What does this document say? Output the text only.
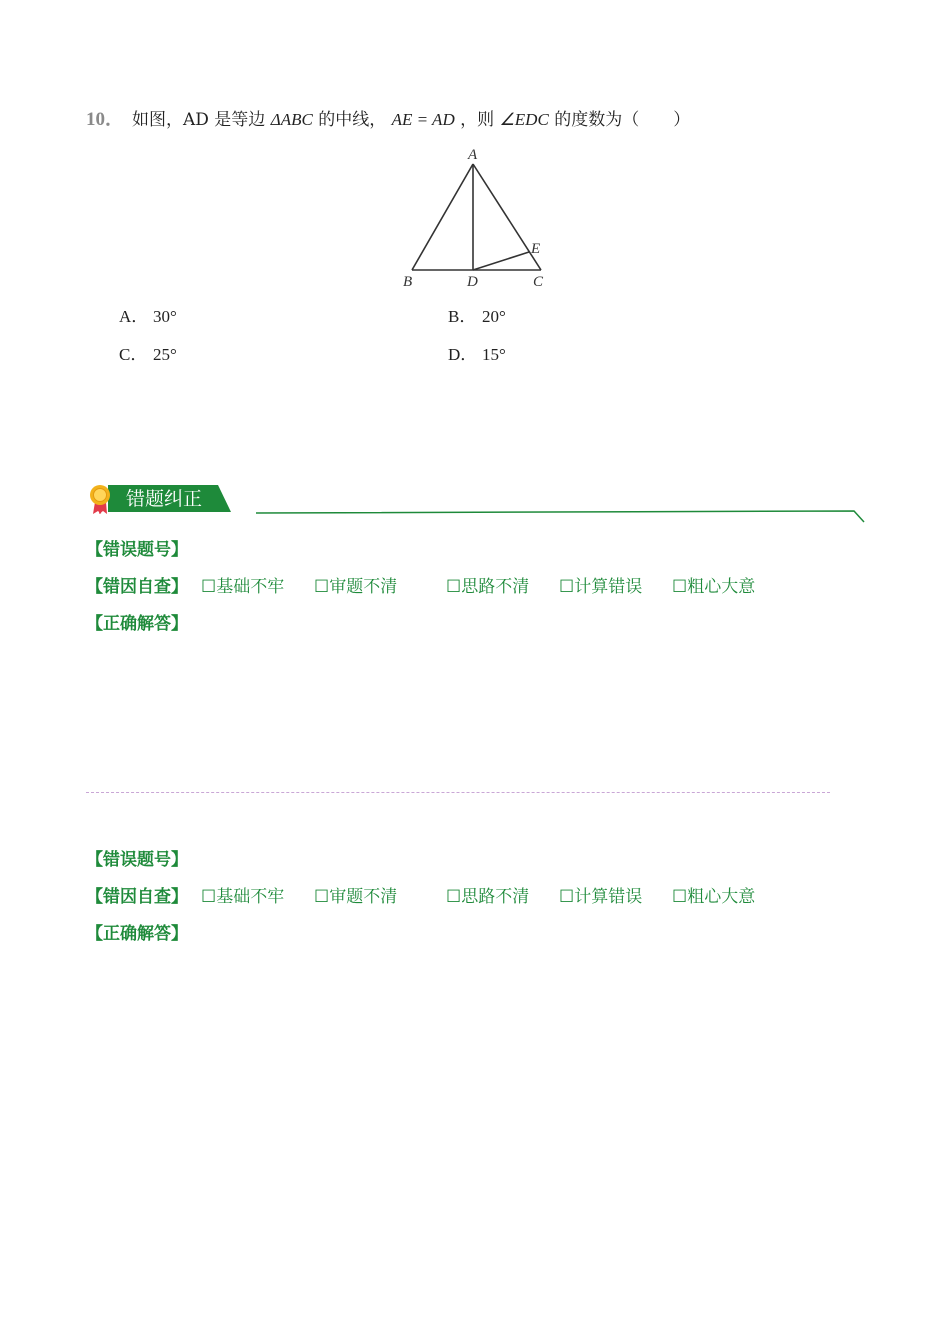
10． 如图，AD 是等边 ΔABC 的中线， AE = AD ，则 ∠EDC 的度数为（　　）
A
B	D	C
E
A． 30°	B． 20°
C． 25°	D． 15°
错题纠正
【错误题号】
【错因自查】 ☐基础不牢 ☐审题不清	☐思路不清 ☐计算错误 ☐粗心大意
【正确解答】
【错误题号】
【错因自查】 ☐基础不牢 ☐审题不清	☐思路不清 ☐计算错误 ☐粗心大意
【正确解答】
